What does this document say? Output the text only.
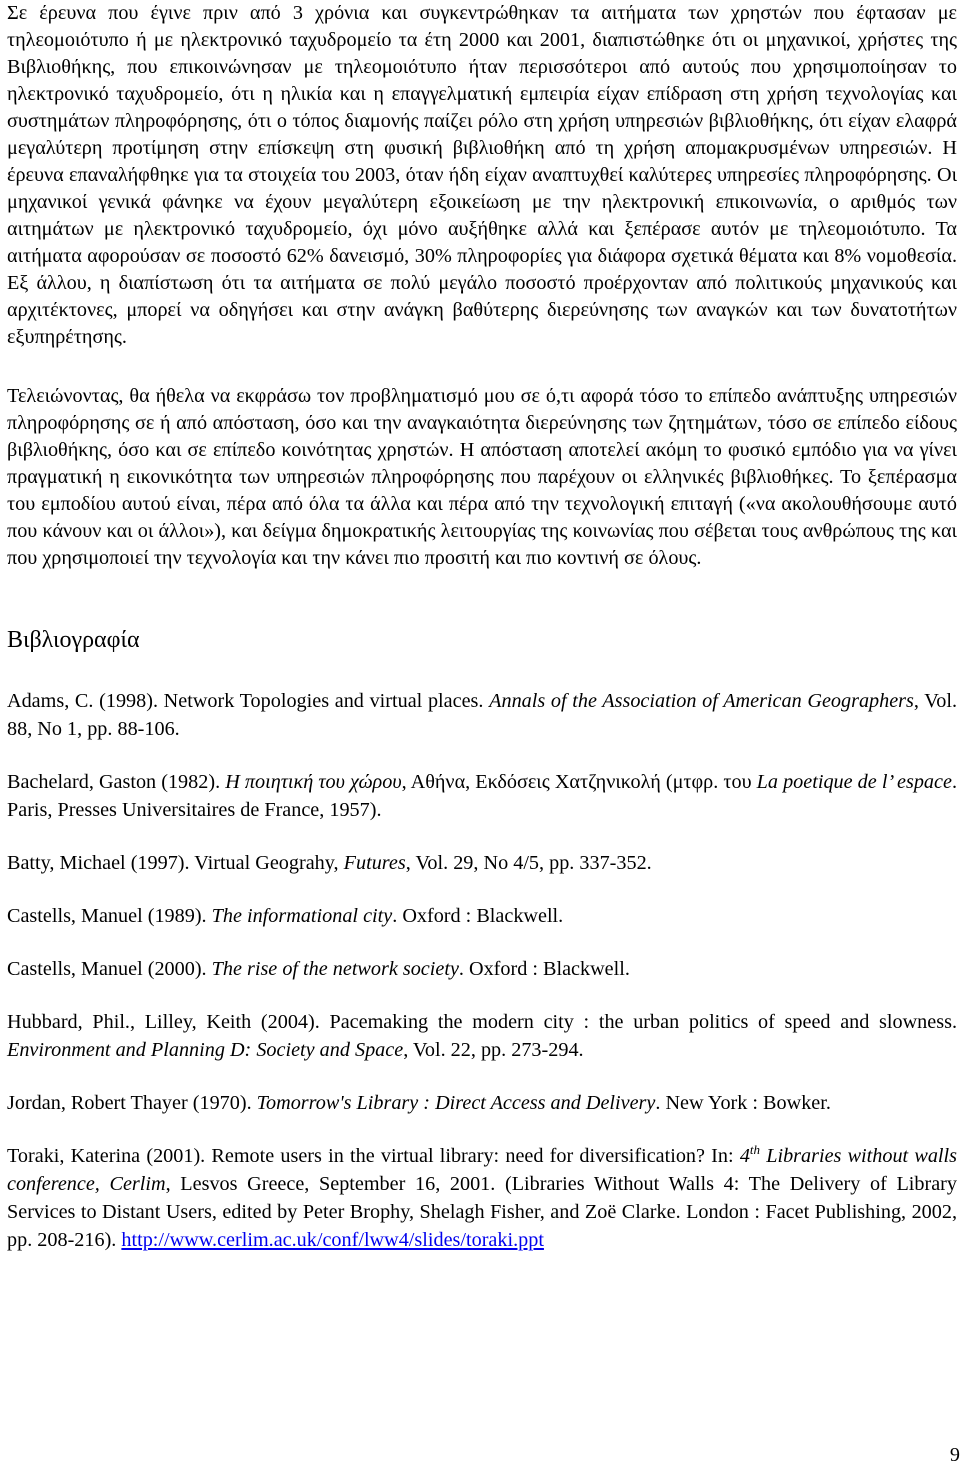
Σε έρευνα που έγινε πριν από 3 χρόνια και συγκεντρώθηκαν τα αιτήματα των χρηστών που έφτασαν με τηλεομοιότυπο ή με ηλεκτρονικό ταχυδρομείο τα έτη 2000 και 2001, διαπιστώθηκε ότι οι μηχανικοί, χρήστες της Βιβλιοθήκης, που επικοινώνησαν με τηλεομοιότυπο ήταν περισσότεροι από αυτούς που χρησιμοποίησαν το ηλεκτρονικό ταχυδρομείο, ότι η ηλικία και η επαγγελματική εμπειρία είχαν επίδραση στη χρήση τεχνολογίας και συστημάτων πληροφόρησης, ότι ο τόπος διαμονής παίζει ρόλο στη χρήση υπηρεσιών βιβλιοθήκης, ότι είχαν ελαφρά μεγαλύτερη προτίμηση στην επίσκεψη στη φυσική βιβλιοθήκη από τη χρήση απομακρυσμένων υπηρεσιών. Η έρευνα επαναλήφθηκε για τα στοιχεία του 2003, όταν ήδη είχαν αναπτυχθεί καλύτερες υπηρεσίες πληροφόρησης. Οι μηχανικοί γενικά φάνηκε να έχουν μεγαλύτερη εξοικείωση με την ηλεκτρονική επικοινωνία, ο αριθμός των αιτημάτων με ηλεκτρονικό ταχυδρομείο, όχι μόνο αυξήθηκε αλλά και ξεπέρασε αυτόν με τηλεομοιότυπο. Τα αιτήματα αφορούσαν σε ποσοστό 62% δανεισμό, 30% πληροφορίες για διάφορα σχετικά θέματα και 8% νομοθεσία. Εξ άλλου, η διαπίστωση ότι τα αιτήματα σε πολύ μεγάλο ποσοστό προέρχονταν από πολιτικούς μηχανικούς και αρχιτέκτονες, μπορεί να οδηγήσει και στην ανάγκη βαθύτερης διερεύνησης των αναγκών και των δυνατοτήτων εξυπηρέτησης.

Τελειώνοντας, θα ήθελα να εκφράσω τον προβληματισμό μου σε ό,τι αφορά τόσο το επίπεδο ανάπτυξης υπηρεσιών πληροφόρησης σε ή από απόσταση, όσο και την αναγκαιότητα διερεύνησης των ζητημάτων, τόσο σε επίπεδο είδους βιβλιοθήκης, όσο και σε επίπεδο κοινότητας χρηστών. Η απόσταση αποτελεί ακόμη το φυσικό εμπόδιο για να γίνει πραγματική η εικονικότητα των υπηρεσιών πληροφόρησης που παρέχουν οι ελληνικές βιβλιοθήκες. Το ξεπέρασμα του εμποδίου αυτού είναι, πέρα από όλα τα άλλα και πέρα από την τεχνολογική επιταγή («να ακολουθήσουμε αυτό που κάνουν και οι άλλοι»), και δείγμα δημοκρατικής λειτουργίας της κοινωνίας που σέβεται τους ανθρώπους της και που χρησιμοποιεί την τεχνολογία και την κάνει πιο προσιτή και πιο κοντινή σε όλους.

Βιβλιογραφία

Adams, C. (1998). Network Topologies and virtual places. Annals of the Association of American Geographers, Vol. 88, No 1, pp. 88-106.

Bachelard, Gaston (1982). Η ποιητική του χώρου, Αθήνα, Εκδόσεις Χατζηνικολή (μτφρ. του La poetique de l’ espace. Paris, Presses Universitaires de France, 1957).

Batty, Michael (1997). Virtual Geograhy, Futures, Vol. 29, No 4/5, pp. 337-352.

Castells, Manuel (1989). The informational city. Oxford : Blackwell.

Castells, Manuel (2000). The rise of the network society. Oxford : Blackwell.

Hubbard, Phil., Lilley, Keith (2004). Pacemaking the modern city : the urban politics of speed and slowness. Environment and Planning D: Society and Space, Vol. 22, pp. 273-294.

Jordan, Robert Thayer (1970). Tomorrow's Library : Direct Access and Delivery. New York : Bowker.

Toraki, Katerina (2001). Remote users in the virtual library: need for diversification? In: 4th Libraries without walls conference, Cerlim, Lesvos Greece, September 16, 2001. (Libraries Without Walls 4: The Delivery of Library Services to Distant Users, edited by Peter Brophy, Shelagh Fisher, and Zoë Clarke. London : Facet Publishing, 2002, pp. 208-216). http://www.cerlim.ac.uk/conf/lww4/slides/toraki.ppt

9
